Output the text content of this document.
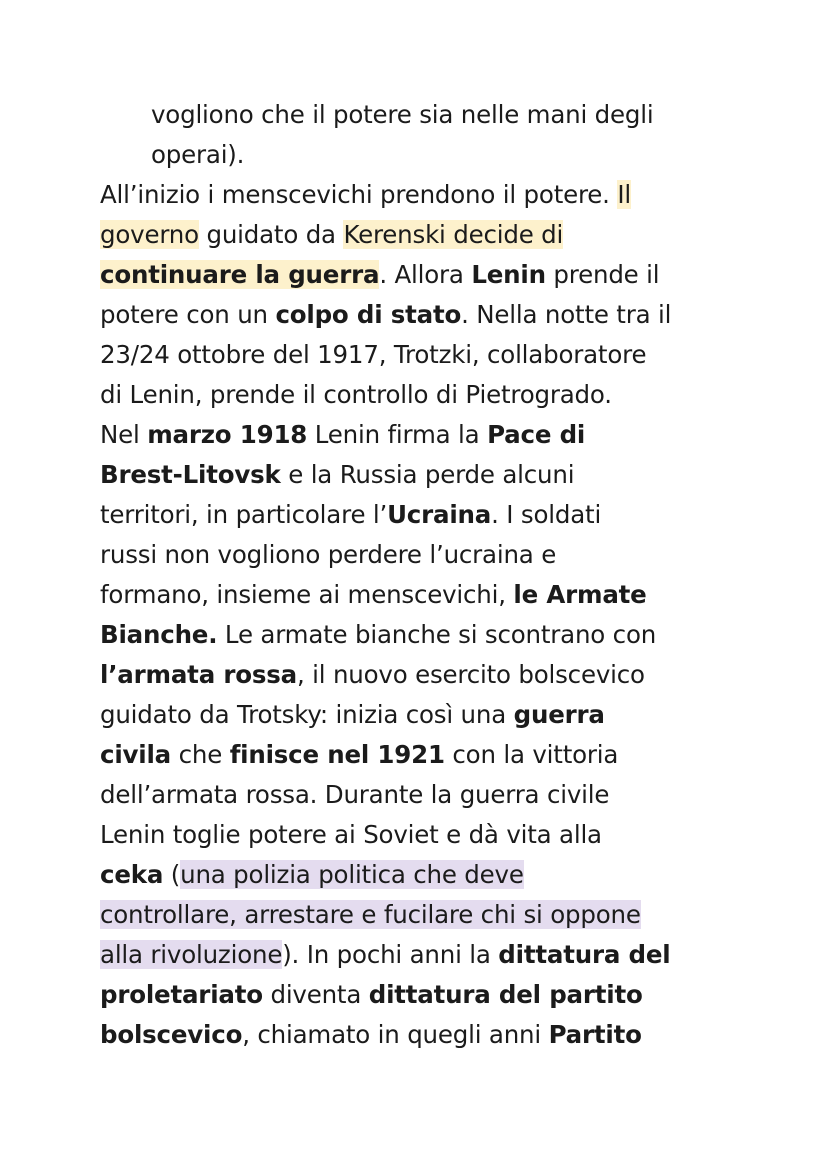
vogliono che il potere sia nelle mani degli
operai).
All’inizio i menscevichi prendono il potere. Il
governo guidato da Kerenski decide di
continuare la guerra. Allora Lenin prende il
potere con un colpo di stato. Nella notte tra il
23/24 ottobre del 1917, Trotzki, collaboratore
di Lenin, prende il controllo di Pietrogrado.
Nel marzo 1918 Lenin firma la Pace di
Brest-Litovsk e la Russia perde alcuni
territori, in particolare l’Ucraina. I soldati
russi non vogliono perdere l’ucraina e
formano, insieme ai menscevichi, le Armate
Bianche. Le armate bianche si scontrano con
l’armata rossa, il nuovo esercito bolscevico
guidato da Trotsky: inizia così una guerra
civila che finisce nel 1921 con la vittoria
dell’armata rossa. Durante la guerra civile
Lenin toglie potere ai Soviet e dà vita alla
ceka (una polizia politica che deve
controllare, arrestare e fucilare chi si oppone
alla rivoluzione). In pochi anni la dittatura del
proletariato diventa dittatura del partito
bolscevico, chiamato in quegli anni Partito
